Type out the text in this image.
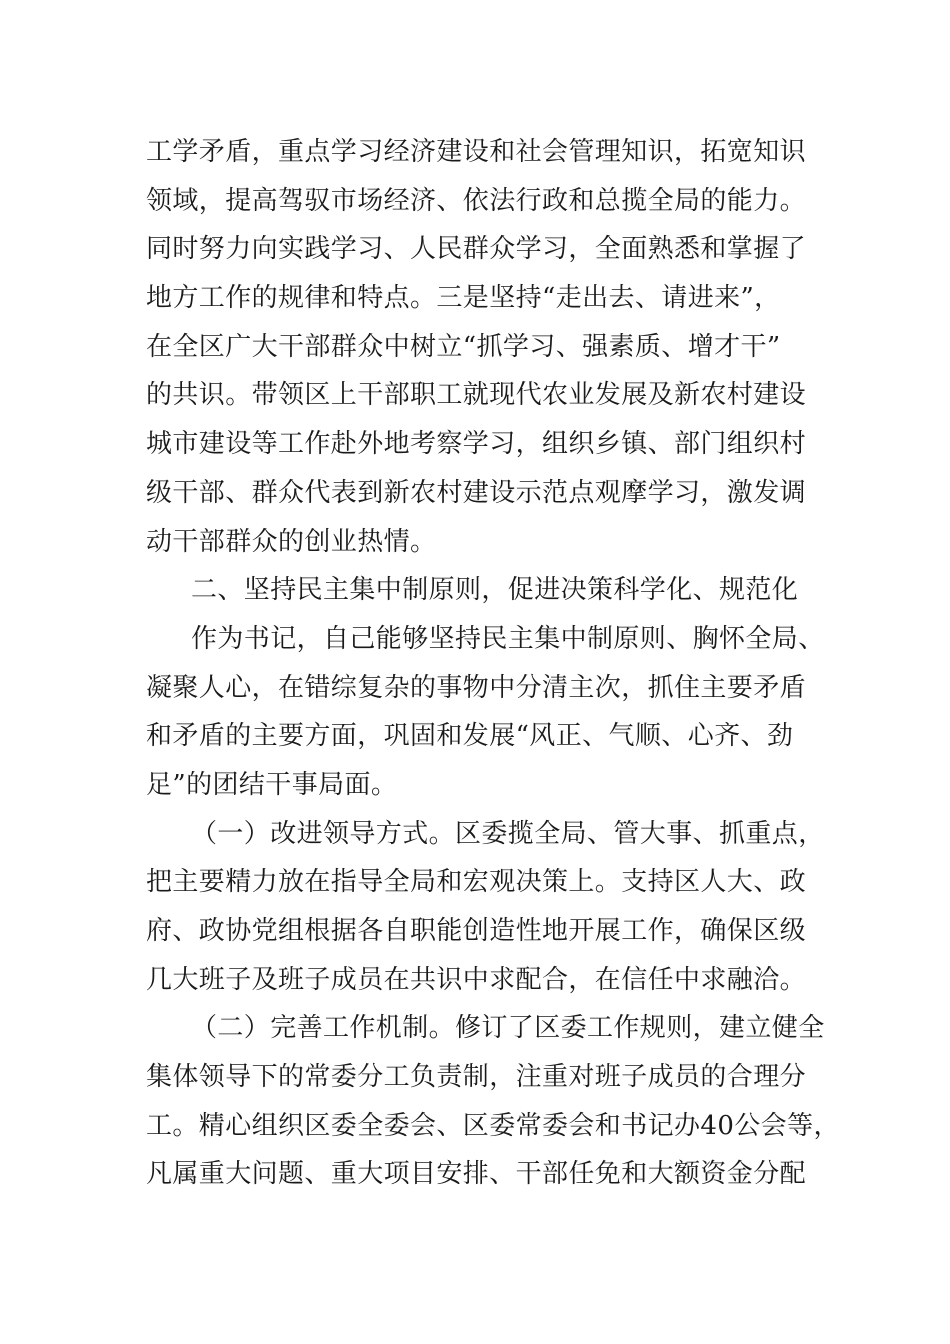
工学矛盾，重点学习经济建设和社会管理知识，拓宽知识
领域，提高驾驭市场经济、依法行政和总揽全局的能力。
同时努力向实践学习、人民群众学习，全面熟悉和掌握了
地方工作的规律和特点。三是坚持“走出去、请进来”，
在全区广大干部群众中树立“抓学习、强素质、增才干”
的共识。带领区上干部职工就现代农业发展及新农村建设
城市建设等工作赴外地考察学习，组织乡镇、部门组织村
级干部、群众代表到新农村建设示范点观摩学习，激发调
动干部群众的创业热情。
二、坚持民主集中制原则，促进决策科学化、规范化
作为书记，自己能够坚持民主集中制原则、胸怀全局、
凝聚人心，在错综复杂的事物中分清主次，抓住主要矛盾
和矛盾的主要方面，巩固和发展“风正、气顺、心齐、劲
足”的团结干事局面。
（一）改进领导方式。区委揽全局、管大事、抓重点，
把主要精力放在指导全局和宏观决策上。支持区人大、政
府、政协党组根据各自职能创造性地开展工作，确保区级
几大班子及班子成员在共识中求配合，在信任中求融洽。
（二）完善工作机制。修订了区委工作规则，建立健全
集体领导下的常委分工负责制，注重对班子成员的合理分
工。精心组织区委全委会、区委常委会和书记办40公会等，
凡属重大问题、重大项目安排、干部任免和大额资金分配
